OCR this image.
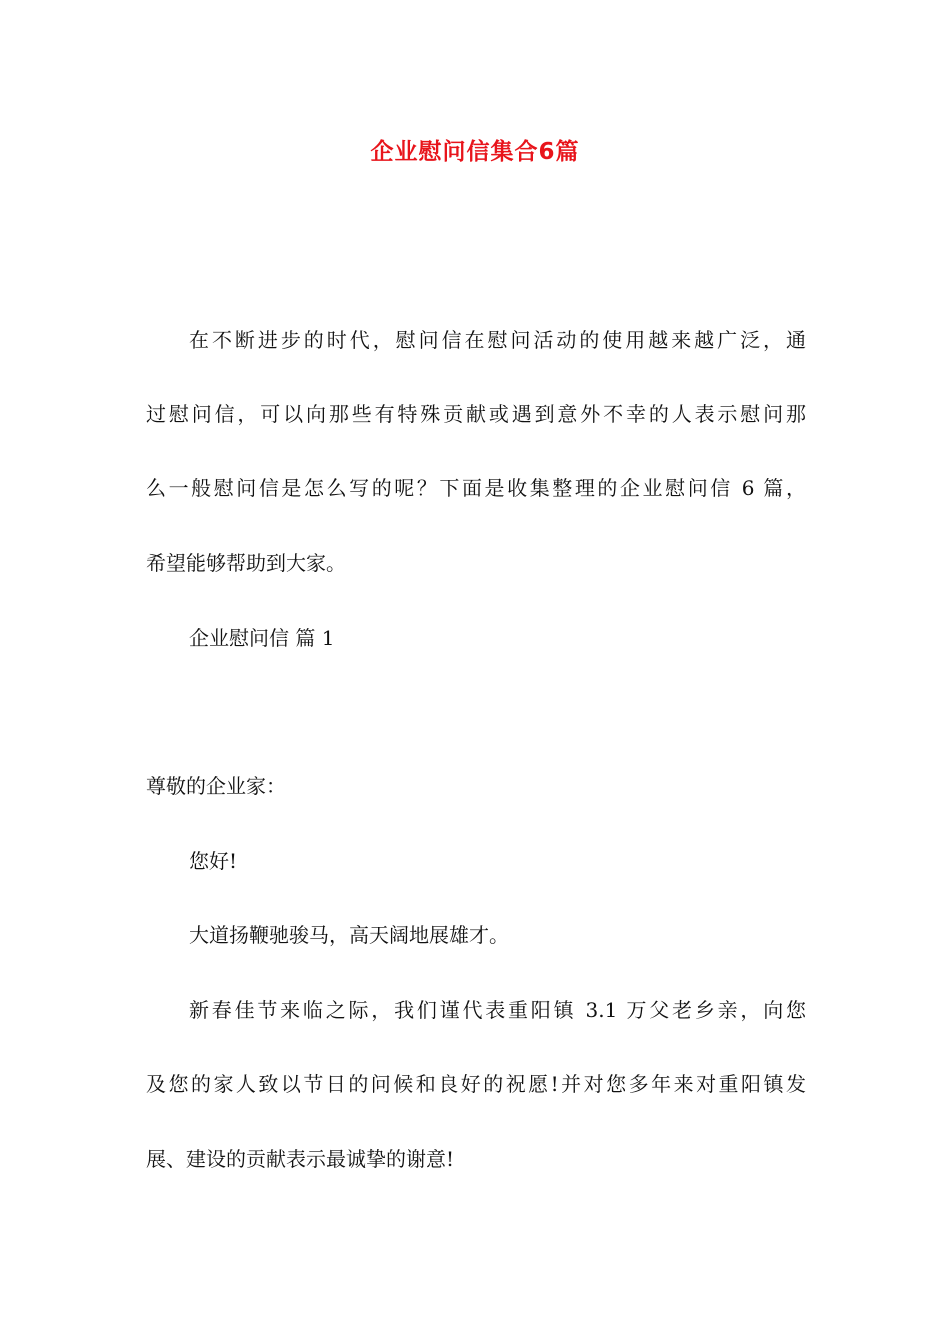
企业慰问信集合6篇
在不断进步的时代，慰问信在慰问活动的使用越来越广泛，通
过慰问信，可以向那些有特殊贡献或遇到意外不幸的人表示慰问那
么一般慰问信是怎么写的呢？下面是收集整理的企业慰问信 6 篇，
希望能够帮助到大家。
企业慰问信 篇 1
尊敬的企业家：
您好!
大道扬鞭驰骏马，高天阔地展雄才。
新春佳节来临之际，我们谨代表重阳镇 3.1 万父老乡亲，向您
及您的家人致以节日的问候和良好的祝愿!并对您多年来对重阳镇发
展、建设的贡献表示最诚挚的谢意!
